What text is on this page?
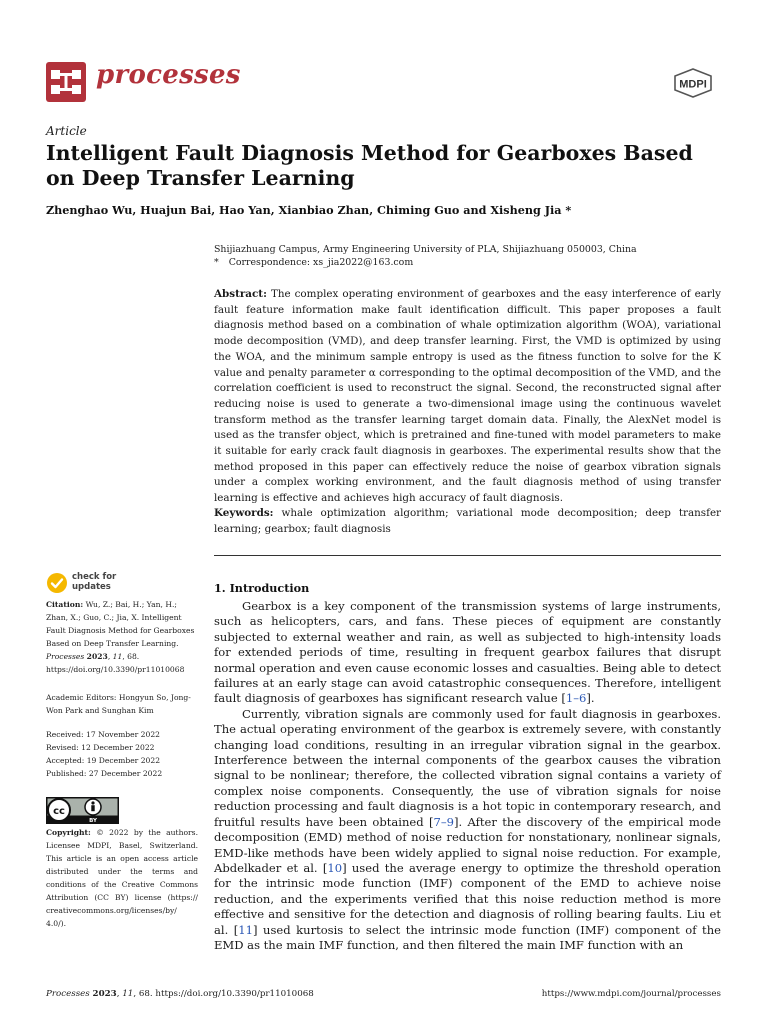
processes	MDPI
Article
Intelligent Fault Diagnosis Method for Gearboxes Based on Deep Transfer Learning
Zhenghao Wu, Huajun Bai, Hao Yan, Xianbiao Zhan, Chiming Guo and Xisheng Jia *
Shijiazhuang Campus, Army Engineering University of PLA, Shijiazhuang 050003, China
* Correspondence: xs_jia2022@163.com
Abstract: The complex operating environment of gearboxes and the easy interference of early fault feature information make fault identification difficult. This paper proposes a fault diagnosis method based on a combination of whale optimization algorithm (WOA), variational mode decomposition (VMD), and deep transfer learning. First, the VMD is optimized by using the WOA, and the minimum sample entropy is used as the fitness function to solve for the K value and penalty parameter α corresponding to the optimal decomposition of the VMD, and the correlation coefficient is used to reconstruct the signal. Second, the reconstructed signal after reducing noise is used to generate a two-dimensional image using the continuous wavelet transform method as the transfer learning target domain data. Finally, the AlexNet model is used as the transfer object, which is pretrained and fine-tuned with model parameters to make it suitable for early crack fault diagnosis in gearboxes. The experimental results show that the method proposed in this paper can effectively reduce the noise of gearbox vibration signals under a complex working environment, and the fault diagnosis method of using transfer learning is effective and achieves high accuracy of fault diagnosis.
Keywords: whale optimization algorithm; variational mode decomposition; deep transfer learning; gearbox; fault diagnosis
check for
updates
Citation: Wu, Z.; Bai, H.; Yan, H.; Zhan, X.; Guo, C.; Jia, X. Intelligent Fault Diagnosis Method for Gearboxes Based on Deep Transfer Learning. Processes 2023, 11, 68. https://doi.org/10.3390/pr11010068
Academic Editors: Hongyun So, Jong-Won Park and Sunghan Kim
Received: 17 November 2022
Revised: 12 December 2022
Accepted: 19 December 2022
Published: 27 December 2022
cc
BY
Copyright: © 2022 by the authors. Licensee MDPI, Basel, Switzerland. This article is an open access article distributed under the terms and conditions of the Creative Commons Attribution (CC BY) license (https:// creativecommons.org/licenses/by/ 4.0/).
1. Introduction

Gearbox is a key component of the transmission systems of large instruments, such as helicopters, cars, and fans. These pieces of equipment are constantly subjected to external weather and rain, as well as subjected to high-intensity loads for extended periods of time, resulting in frequent gearbox failures that disrupt normal operation and even cause economic losses and casualties. Being able to detect failures at an early stage can avoid catastrophic consequences. Therefore, intelligent fault diagnosis of gearboxes has significant research value [1–6].

Currently, vibration signals are commonly used for fault diagnosis in gearboxes. The actual operating environment of the gearbox is extremely severe, with constantly changing load conditions, resulting in an irregular vibration signal in the gearbox. Interference between the internal components of the gearbox causes the vibration signal to be nonlinear; therefore, the collected vibration signal contains a variety of complex noise components. Consequently, the use of vibration signals for noise reduction processing and fault diagnosis is a hot topic in contemporary research, and fruitful results have been obtained [7–9]. After the discovery of the empirical mode decomposition (EMD) method of noise reduction for nonstationary, nonlinear signals, EMD-like methods have been widely applied to signal noise reduction. For example, Abdelkader et al. [10] used the average energy to optimize the threshold operation for the intrinsic mode function (IMF) component of the EMD to achieve noise reduction, and the experiments verified that this noise reduction method is more effective and sensitive for the detection and diagnosis of rolling bearing faults. Liu et al. [11] used kurtosis to select the intrinsic mode function (IMF) component of the EMD as the main IMF function, and then filtered the main IMF function with an

Processes 2023, 11, 68. https://doi.org/10.3390/pr11010068	https://www.mdpi.com/journal/processes
